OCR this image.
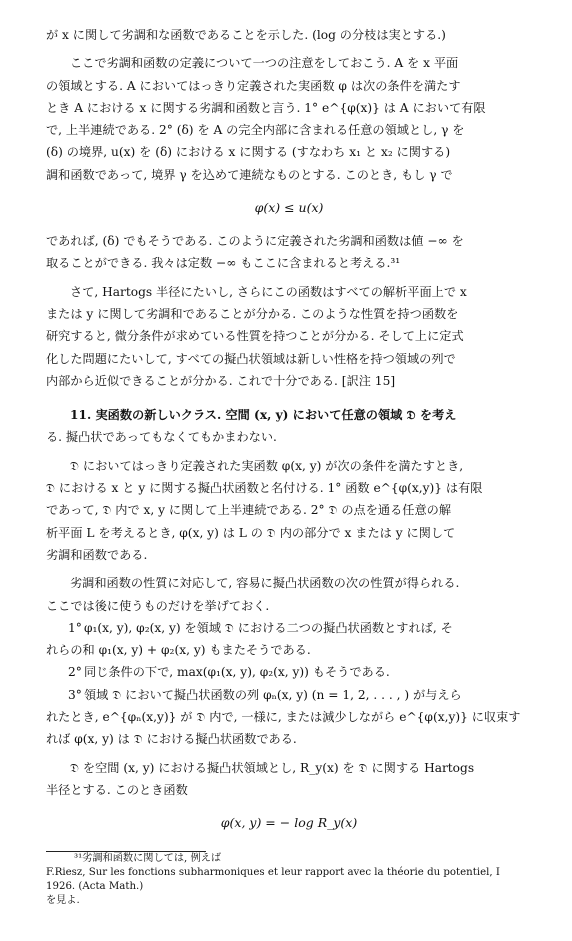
が x に関して劣調和な函数であることを示した. (log の分枝は実とする.)
ここで劣調和函数の定義について一つの注意をしておこう. A を x 平面
の領域とする. A においてはっきり定義された実函数 φ は次の条件を満たす
とき A における x に関する劣調和函数と言う. 1° e^{φ(x)} は A において有限
で, 上半連続である. 2° (δ) を A の完全内部に含まれる任意の領域とし, γ を
(δ) の境界, u(x) を (δ) における x に関する (すなわち x₁ と x₂ に関する)
調和函数であって, 境界 γ を込めて連続なものとする. このとき, もし γ で
φ(x) ≤ u(x)
であれば, (δ) でもそうである. このように定義された劣調和函数は値 −∞ を
取ることができる. 我々は定数 −∞ もここに含まれると考える.³¹
さて, Hartogs 半径にたいし, さらにこの函数はすべての解析平面上で x
または y に関して劣調和であることが分かる. このような性質を持つ函数を
研究すると, 微分条件が求めている性質を持つことが分かる. そして上に定式
化した問題にたいして, すべての擬凸状領域は新しい性格を持つ領域の列で
内部から近似できることが分かる. これで十分である. [訳注 15]
11. 実函数の新しいクラス. 空間 (x, y) において任意の領域 𝔇 を考え
る. 擬凸状であってもなくてもかまわない.
𝔇 においてはっきり定義された実函数 φ(x, y) が次の条件を満たすとき,
𝔇 における x と y に関する擬凸状函数と名付ける. 1° 函数 e^{φ(x,y)} は有限
であって, 𝔇 内で x, y に関して上半連続である. 2° 𝔇 の点を通る任意の解
析平面 L を考えるとき, φ(x, y) は L の 𝔇 内の部分で x または y に関して
劣調和函数である.
劣調和函数の性質に対応して, 容易に擬凸状函数の次の性質が得られる.
ここでは後に使うものだけを挙げておく.
1° φ₁(x, y), φ₂(x, y) を領域 𝔇 における二つの擬凸状函数とすれば, そ
れらの和 φ₁(x, y) + φ₂(x, y) もまたそうである.
2° 同じ条件の下で, max(φ₁(x, y), φ₂(x, y)) もそうである.
3° 領域 𝔇 において擬凸状函数の列 φₙ(x, y) (n = 1, 2, . . . , ) が与えら
れたとき, e^{φₙ(x,y)} が 𝔇 内で, 一様に, または減少しながら e^{φ(x,y)} に収束す
れば φ(x, y) は 𝔇 における擬凸状函数である.
𝔇 を空間 (x, y) における擬凸状領域とし, R_y(x) を 𝔇 に関する Hartogs
半径とする. このとき函数
φ(x, y) = − log R_y(x)
³¹劣調和函数に関しては, 例えば
F.Riesz, Sur les fonctions subharmoniques et leur rapport avec la théorie du potentiel, I
1926. (Acta Math.)
を見よ.
